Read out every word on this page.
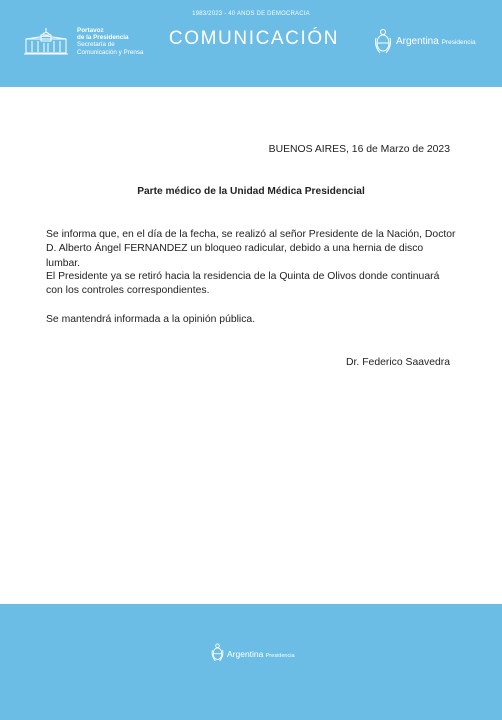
1983/2023 - 40 AÑOS DE DEMOCRACIA
Portavoz
de la Presidencia
Secretaría de
Comunicación y Prensa
COMUNICACIÓN	Argentina Presidencia
BUENOS AIRES, 16 de Marzo de 2023
Parte médico de la Unidad Médica Presidencial
Se informa que, en el día de la fecha, se realizó al señor Presidente de la Nación, Doctor
D. Alberto Ángel FERNANDEZ un bloqueo radicular, debido a una hernia de disco lumbar.
El Presidente ya se retiró hacia la residencia de la Quinta de Olivos donde continuará
con los controles correspondientes.
Se mantendrá informada a la opinión pública.
Dr. Federico Saavedra
Argentina Presidencia
